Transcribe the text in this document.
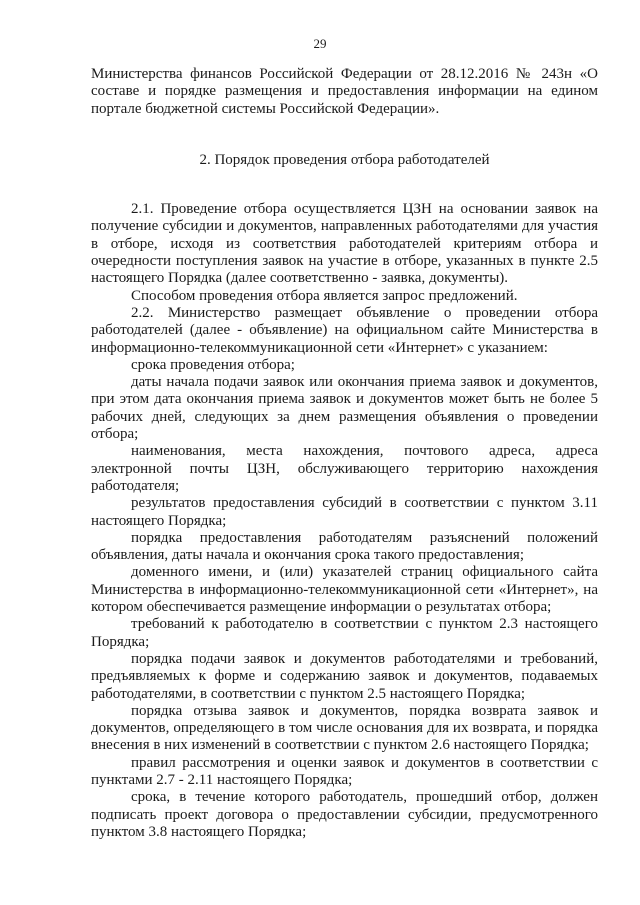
29

Министерства финансов Российской Федерации от 28.12.2016 № 243н «О составе и порядке размещения и предоставления информации на едином портале бюджетной системы Российской Федерации».

2. Порядок проведения отбора работодателей

2.1. Проведение отбора осуществляется ЦЗН на основании заявок на получение субсидии и документов, направленных работодателями для участия в отборе, исходя из соответствия работодателей критериям отбора и очередности поступления заявок на участие в отборе, указанных в пункте 2.5 настоящего Порядка (далее соответственно - заявка, документы).

Способом проведения отбора является запрос предложений.

2.2. Министерство размещает объявление о проведении отбора работодателей (далее - объявление) на официальном сайте Министерства в информационно-телекоммуникационной сети «Интернет» с указанием:

срока проведения отбора;

даты начала подачи заявок или окончания приема заявок и документов, при этом дата окончания приема заявок и документов может быть не более 5 рабочих дней, следующих за днем размещения объявления о проведении отбора;

наименования, места нахождения, почтового адреса, адреса электронной почты ЦЗН, обслуживающего территорию нахождения работодателя;

результатов предоставления субсидий в соответствии с пунктом 3.11 настоящего Порядка;

порядка предоставления работодателям разъяснений положений объявления, даты начала и окончания срока такого предоставления;

доменного имени, и (или) указателей страниц официального сайта Министерства в информационно-телекоммуникационной сети «Интернет», на котором обеспечивается размещение информации о результатах отбора;

требований к работодателю в соответствии с пунктом 2.3 настоящего Порядка;

порядка подачи заявок и документов работодателями и требований, предъявляемых к форме и содержанию заявок и документов, подаваемых работодателями, в соответствии с пунктом 2.5 настоящего Порядка;

порядка отзыва заявок и документов, порядка возврата заявок и документов, определяющего в том числе основания для их возврата, и порядка внесения в них изменений в соответствии с пунктом 2.6 настоящего Порядка;

правил рассмотрения и оценки заявок и документов в соответствии с пунктами 2.7 - 2.11 настоящего Порядка;

срока, в течение которого работодатель, прошедший отбор, должен подписать проект договора о предоставлении субсидии, предусмотренного пунктом 3.8 настоящего Порядка;
